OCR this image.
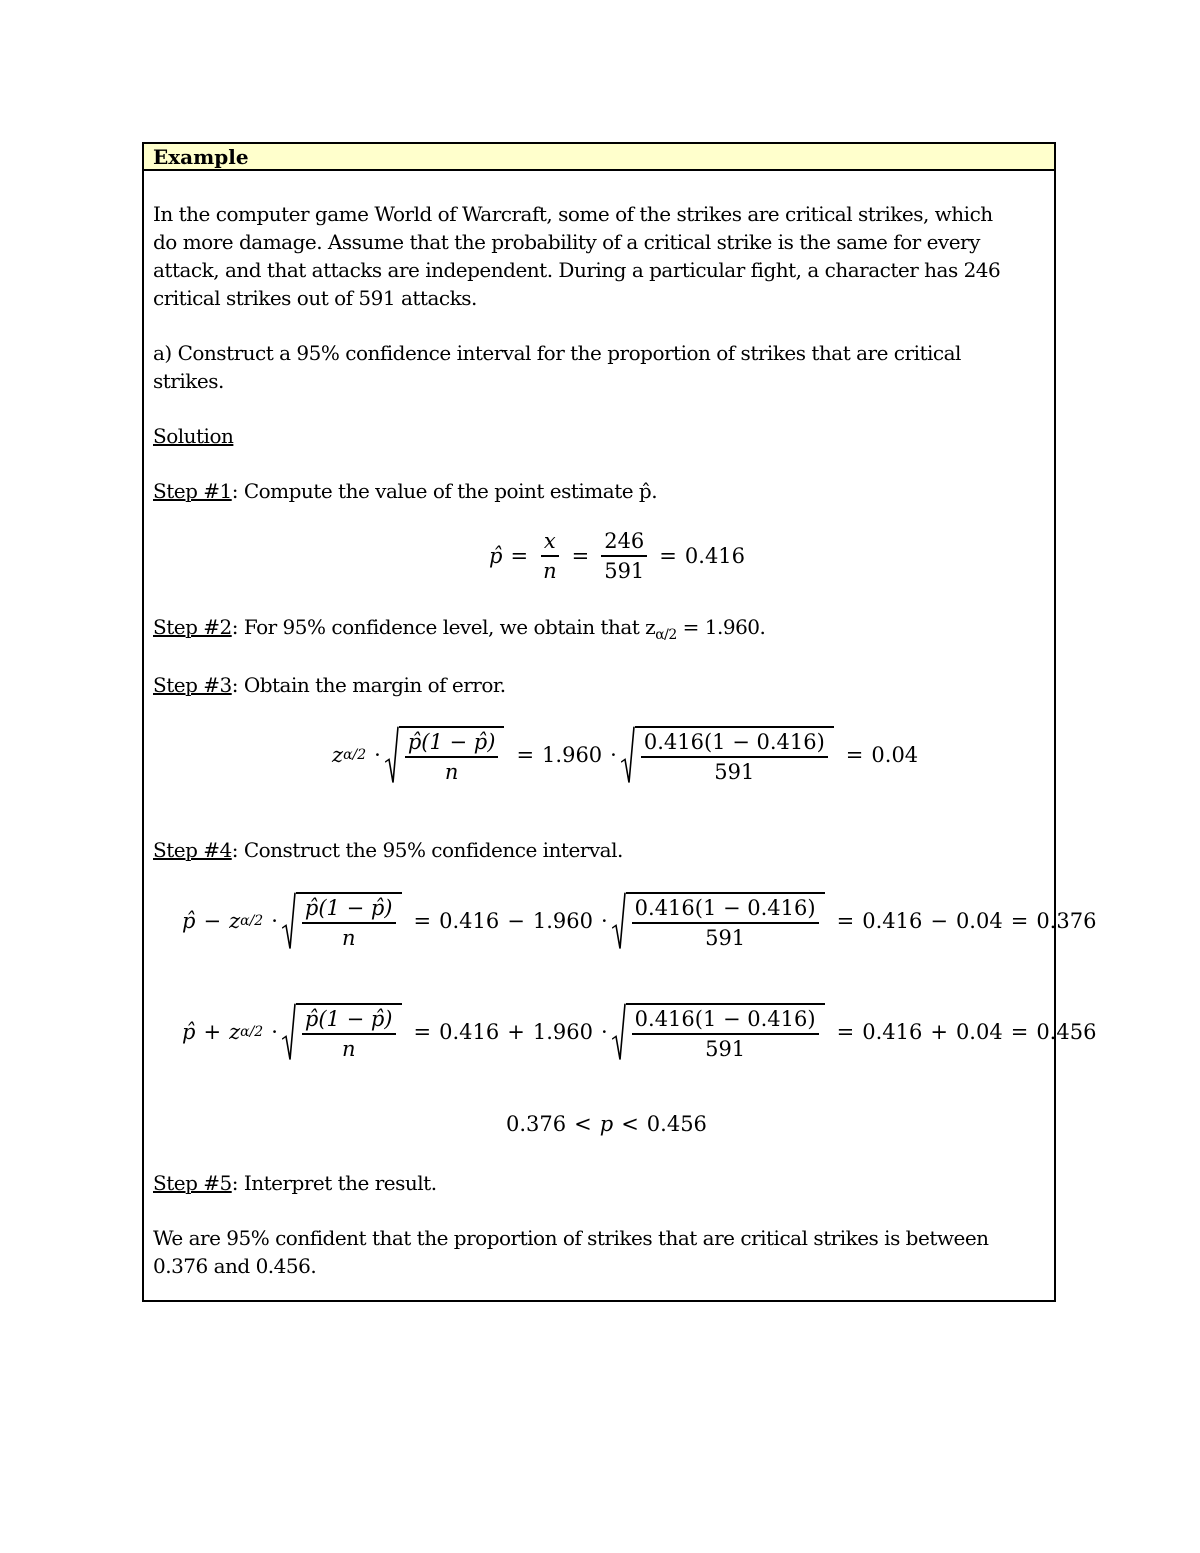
Example
In the computer game World of Warcraft, some of the strikes are critical strikes, which
do more damage. Assume that the probability of a critical strike is the same for every
attack, and that attacks are independent. During a particular fight, a character has 246
critical strikes out of 591 attacks.
a) Construct a 95% confidence interval for the proportion of strikes that are critical
strikes.
Solution
Step #1: Compute the value of the point estimate p̂.
p̂ = $\frac{x}{n} = \frac{246}{591} = 0.416$
Step #2: For 95% confidence level, we obtain that $z_{\alpha/2} = 1.960$.
Step #3: Obtain the margin of error.
z $\alpha/2 \cdot \frac{p̂(1 - p̂)}{n} = 1.960 \cdot \frac{0.416(1 - 0.416)}{591} = 0.04$
Step #4: Construct the 95% confidence interval.
p̂ − z $\alpha/2 \cdot \frac{p̂(1 - p̂)}{n} = 0.416 - 1.960 \cdot \frac{0.416(1 - 0.416)}{591} = 0.416 - 0.04 = 0.376$
p̂ + z $\alpha/2 \cdot \frac{p̂(1 - p̂)}{n} = 0.416 + 1.960 \cdot \frac{0.416(1 - 0.416)}{591} = 0.416 + 0.04 = 0.456$
0.376 < p < 0.456
Step #5: Interpret the result.
We are 95% confident that the proportion of strikes that are critical strikes is between
0.376 and 0.456.
